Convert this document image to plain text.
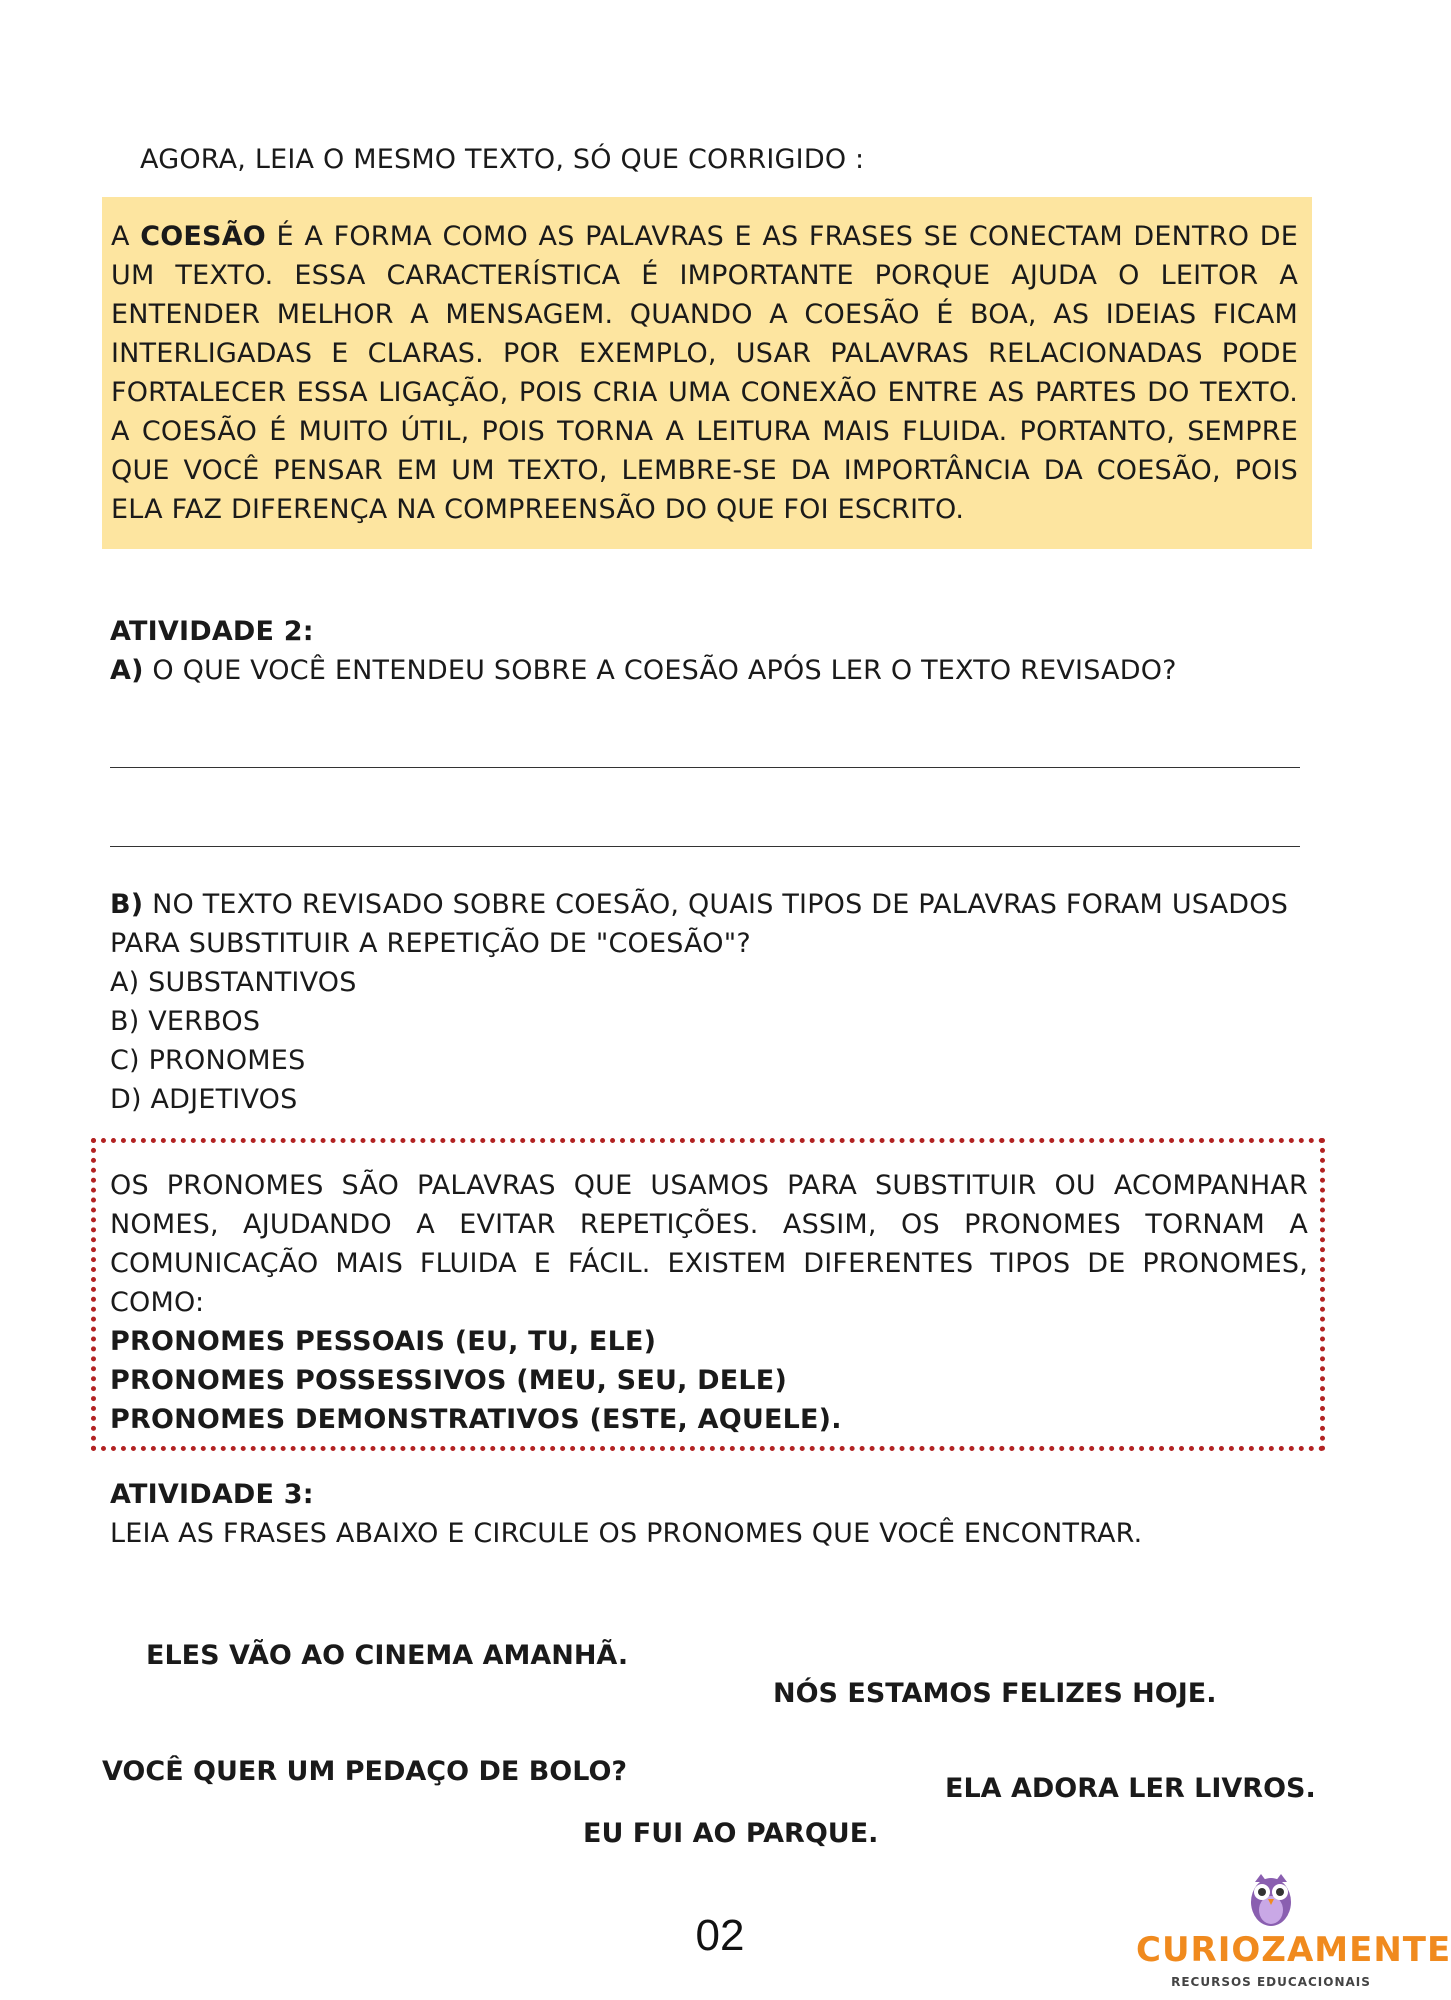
AGORA, LEIA O MESMO TEXTO, SÓ QUE CORRIGIDO :
A COESÃO É A FORMA COMO AS PALAVRAS E AS FRASES SE CONECTAM DENTRO DE UM TEXTO. ESSA CARACTERÍSTICA É IMPORTANTE PORQUE AJUDA O LEITOR A ENTENDER MELHOR A MENSAGEM. QUANDO A COESÃO É BOA, AS IDEIAS FICAM INTERLIGADAS E CLARAS. POR EXEMPLO, USAR PALAVRAS RELACIONADAS PODE FORTALECER ESSA LIGAÇÃO, POIS CRIA UMA CONEXÃO ENTRE AS PARTES DO TEXTO. A COESÃO É MUITO ÚTIL, POIS TORNA A LEITURA MAIS FLUIDA. PORTANTO, SEMPRE QUE VOCÊ PENSAR EM UM TEXTO, LEMBRE-SE DA IMPORTÂNCIA DA COESÃO, POIS ELA FAZ DIFERENÇA NA COMPREENSÃO DO QUE FOI ESCRITO.
ATIVIDADE 2:
A) O QUE VOCÊ ENTENDEU SOBRE A COESÃO APÓS LER O TEXTO REVISADO?
B) NO TEXTO REVISADO SOBRE COESÃO, QUAIS TIPOS DE PALAVRAS FORAM USADOS PARA SUBSTITUIR A REPETIÇÃO DE "COESÃO"?
A) SUBSTANTIVOS
B) VERBOS
C) PRONOMES
D) ADJETIVOS
OS PRONOMES SÃO PALAVRAS QUE USAMOS PARA SUBSTITUIR OU ACOMPANHAR NOMES, AJUDANDO A EVITAR REPETIÇÕES. ASSIM, OS PRONOMES TORNAM A COMUNICAÇÃO MAIS FLUIDA E FÁCIL. EXISTEM DIFERENTES TIPOS DE PRONOMES, COMO:
PRONOMES PESSOAIS (EU, TU, ELE)
PRONOMES POSSESSIVOS (MEU, SEU, DELE)
PRONOMES DEMONSTRATIVOS (ESTE, AQUELE).
ATIVIDADE 3:
LEIA AS FRASES ABAIXO E CIRCULE OS PRONOMES QUE VOCÊ ENCONTRAR.
ELES VÃO AO CINEMA AMANHÃ.
NÓS ESTAMOS FELIZES HOJE.
VOCÊ QUER UM PEDAÇO DE BOLO?
ELA ADORA LER LIVROS.
EU FUI AO PARQUE.
02	CURIOZAMENTE
RECURSOS EDUCACIONAIS
